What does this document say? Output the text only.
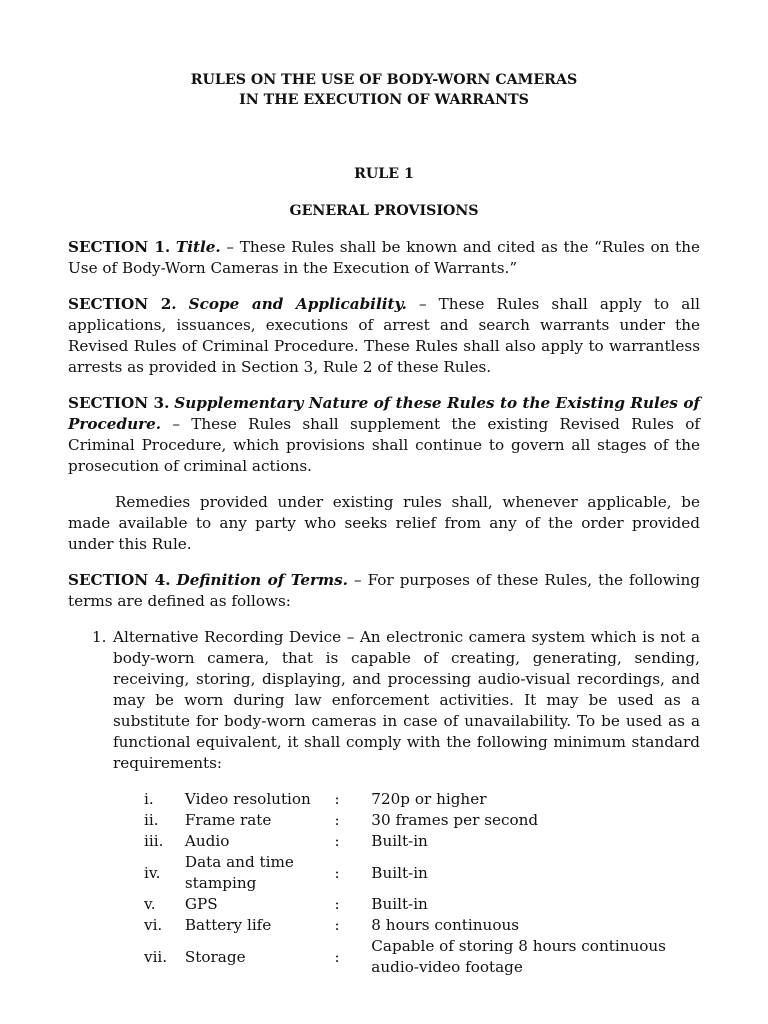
RULES ON THE USE OF BODY-WORN CAMERAS
IN THE EXECUTION OF WARRANTS
RULE 1
GENERAL PROVISIONS

SECTION 1. Title. – These Rules shall be known and cited as the “Rules on the Use of Body-Worn Cameras in the Execution of Warrants.”

SECTION 2. Scope and Applicability. – These Rules shall apply to all applications, issuances, executions of arrest and search warrants under the Revised Rules of Criminal Procedure. These Rules shall also apply to warrantless arrests as provided in Section 3, Rule 2 of these Rules.

SECTION 3. Supplementary Nature of these Rules to the Existing Rules of Procedure. – These Rules shall supplement the existing Revised Rules of Criminal Procedure, which provisions shall continue to govern all stages of the prosecution of criminal actions.

Remedies provided under existing rules shall, whenever applicable, be made available to any party who seeks relief from any of the order provided under this Rule.

SECTION 4. Definition of Terms. – For purposes of these Rules, the following terms are defined as follows:

1. Alternative Recording Device – An electronic camera system which is not a body-worn camera, that is capable of creating, generating, sending, receiving, storing, displaying, and processing audio-visual recordings, and may be worn during law enforcement activities. It may be used as a substitute for body-worn cameras in case of unavailability. To be used as a functional equivalent, it shall comply with the following minimum standard requirements:
i.	Video resolution	:	720p or higher
ii.	Frame rate	:	30 frames per second
iii.	Audio	:	Built-in
iv.	Data and time stamping	:	Built-in
v.	GPS	:	Built-in
vi.	Battery life	:	8 hours continuous
vii.	Storage	:	Capable of storing 8 hours continuous audio-video footage
